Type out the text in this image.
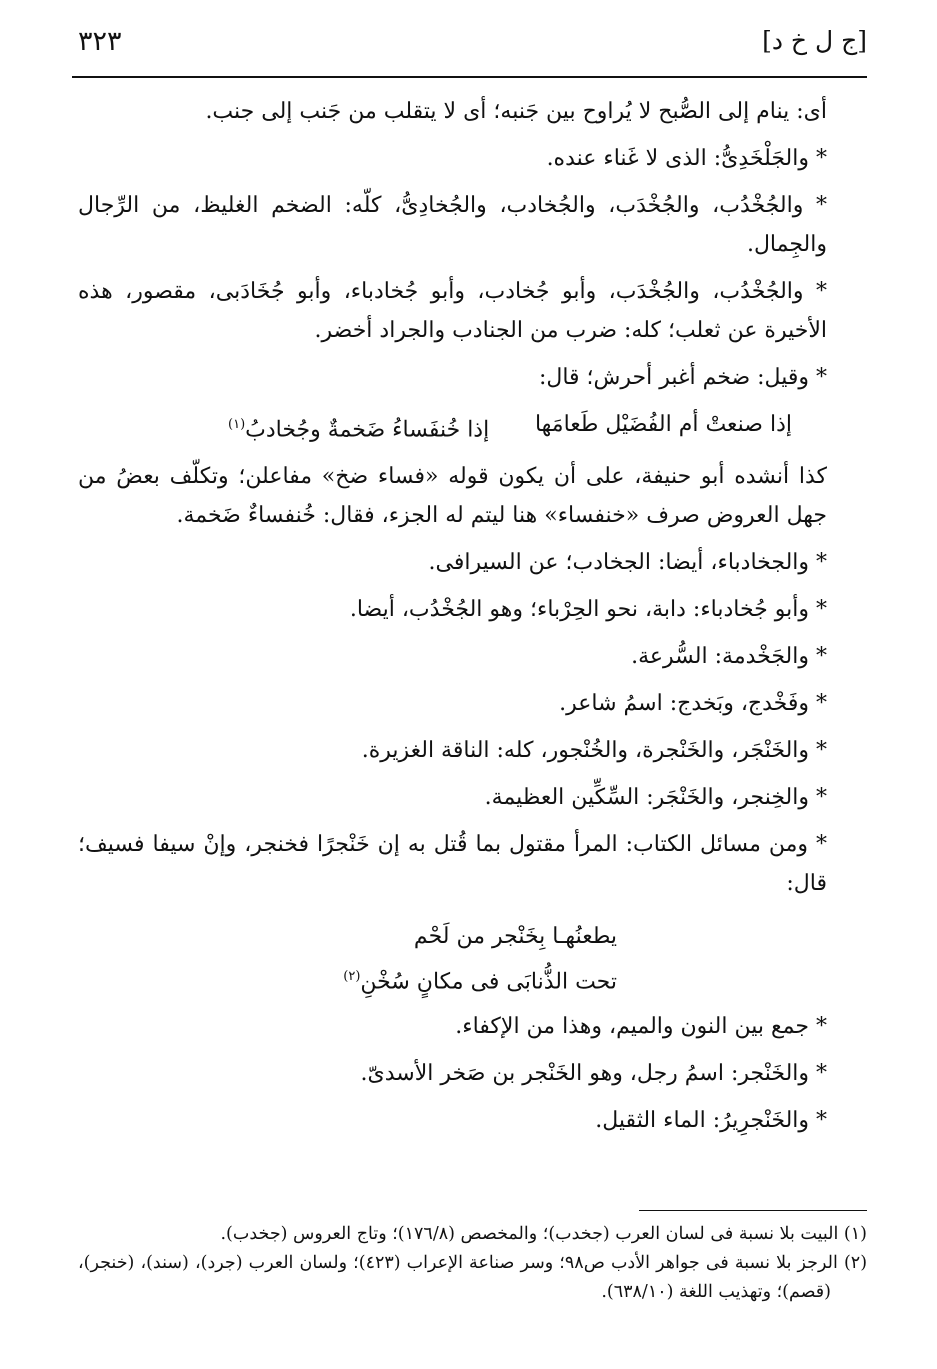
٣٢٣	[ج ل خ د]

أى: ينام إلى الصُّبح لا يُراوح بين جَنبه؛ أى لا يتقلب من جَنب إلى جنب.

* والجَلْخَدِىُّ: الذى لا غَناء عنده.

* والجُخْدُب، والجُخْدَب، والجُخادب، والجُخادِىُّ، كلّه: الضخم الغليظ، من الرِّجال والجِمال.

* والجُخْدُب، والجُخْدَب، وأبو جُخادب، وأبو جُخادباء، وأبو جُخَادَبى، مقصور، هذه الأخيرة عن ثعلب؛ كله: ضرب من الجنادب والجراد أخضر.

* وقيل: ضخم أغبر أحرش؛ قال:

إذا صنعتْ أم الفُضَيْل طَعامَها
إذا خُنفَساءُ ضَخمةٌ وجُخادبُ$^{(١)}$

كذا أنشده أبو حنيفة، على أن يكون قوله «فساء ضخ» مفاعلن؛ وتكلّف بعضُ من جهل العروض صرف «خنفساء» هنا ليتم له الجزء، فقال: خُنفساءٌ ضَخمة.

* والجخادباء، أيضا: الجخادب؛ عن السيرافى.

* وأبو جُخادباء: دابة، نحو الحِرْباء؛ وهو الجُخْدُب، أيضا.

* والجَخْدمة: السُّرعة.

* وفَخْدج، وبَخدج: اسمُ شاعر.

* والخَنْجَر، والخَنْجرة، والخُنْجور، كله: الناقة الغزيرة.

* والخِنجر، والخَنْجَر: السِّكِّين العظيمة.

* ومن مسائل الكتاب: المرأ مقتول بما قُتل به إن خَنْجرًا فخنجر، وإنْ سيفا فسيف؛ قال:

يطعنُهـا بِخَنْجر من لَحْم
تحت الذُّنابَى فى مكانٍ سُخْنِ$^{(٢)}$

* جمع بين النون والميم، وهذا من الإكفاء.

* والخَنْجر: اسمُ رجل، وهو الخَنْجر بن صَخر الأسدىّ.

* والخَنْجرِيرُ: الماء الثقيل.

(١) البيت بلا نسبة فى لسان العرب (جخدب)؛ والمخصص (١٧٦/٨)؛ وتاج العروس (جخدب).

(٢) الرجز بلا نسبة فى جواهر الأدب ص٩٨؛ وسر صناعة الإعراب (٤٢٣)؛ ولسان العرب (جرد)، (سند)، (خنجر)، (قصم)؛ وتهذيب اللغة (٦٣٨/١٠).
